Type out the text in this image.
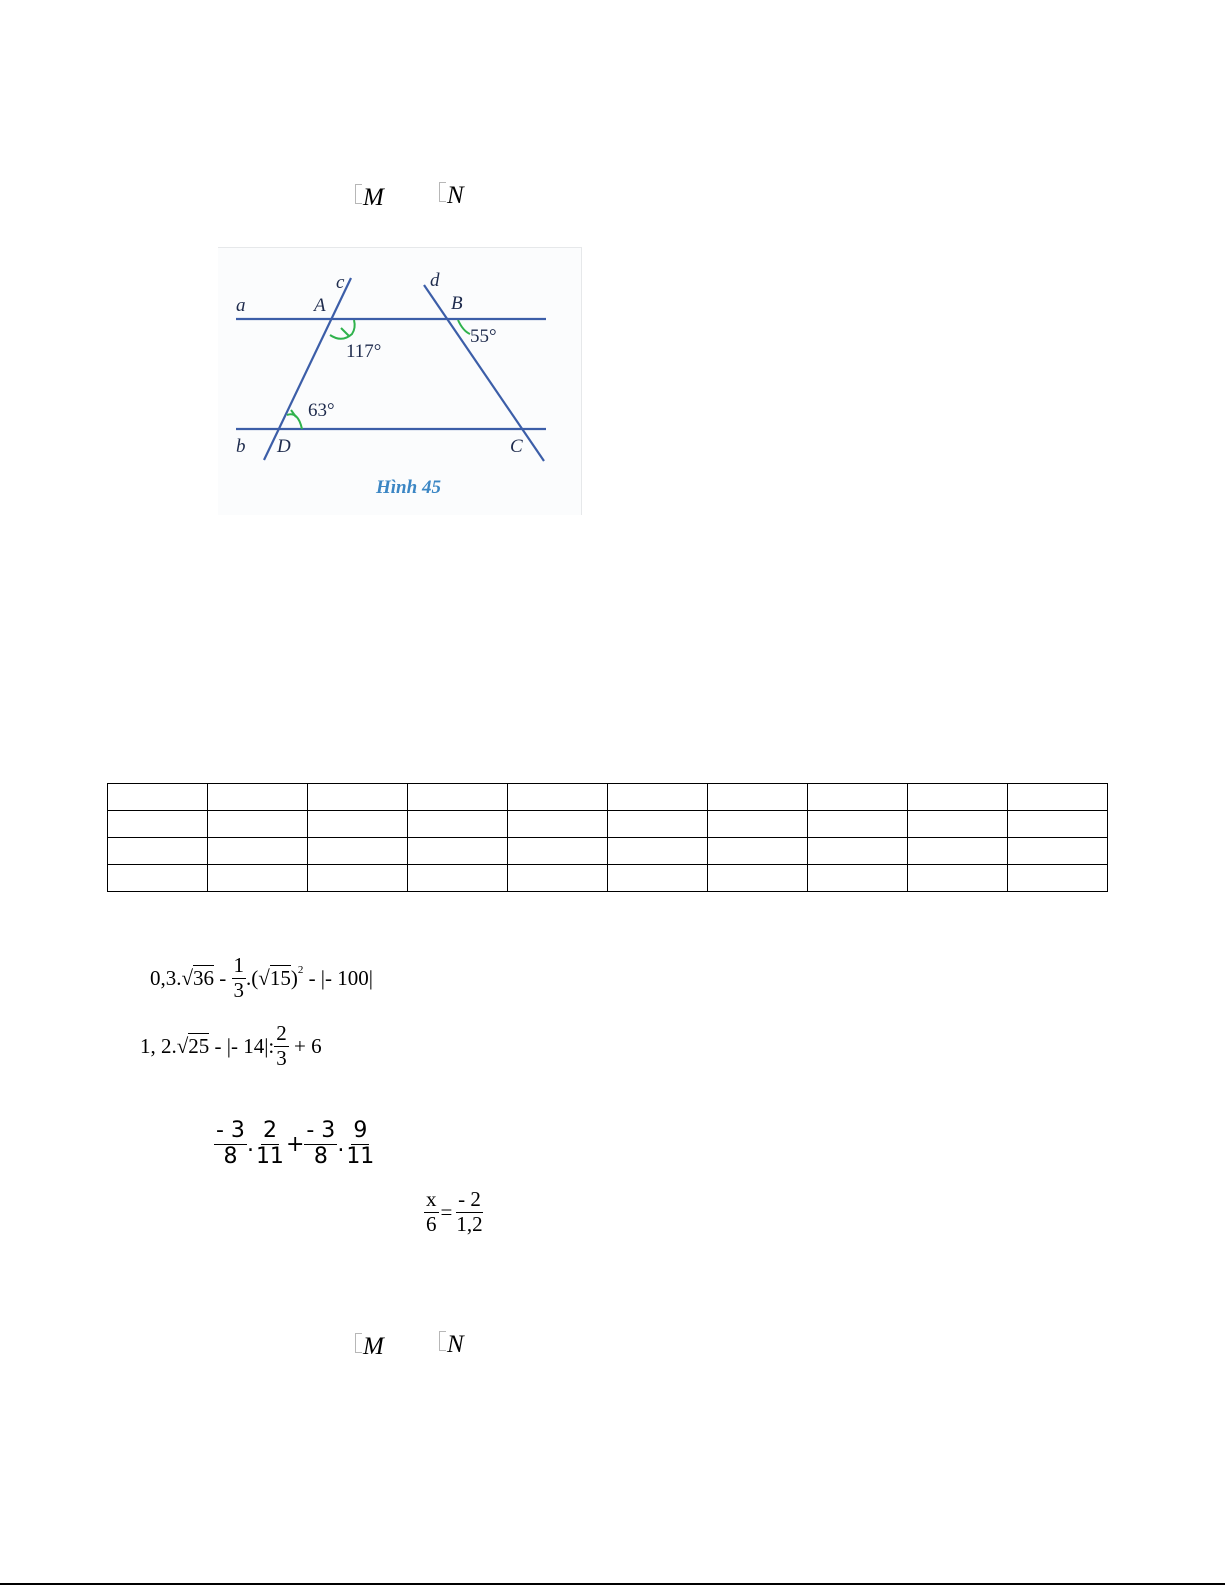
M	N
a
b
c	d
A	B
C
D
117°
55°
63°
Hình 45

0,3. √ $36 - \frac{1}{3}$ .( √ 15 )$^2$ - |- 100|
1, 2. √ 25 - |- 14|: $\frac{2}{3} + 6$
$\frac{- 3}{8}$ . $\frac{2}{11} + \frac{- 3}{8}$ . $\frac{9}{11}$
$\frac{x}{6} = \frac{- 2}{1,2}$
M	N
